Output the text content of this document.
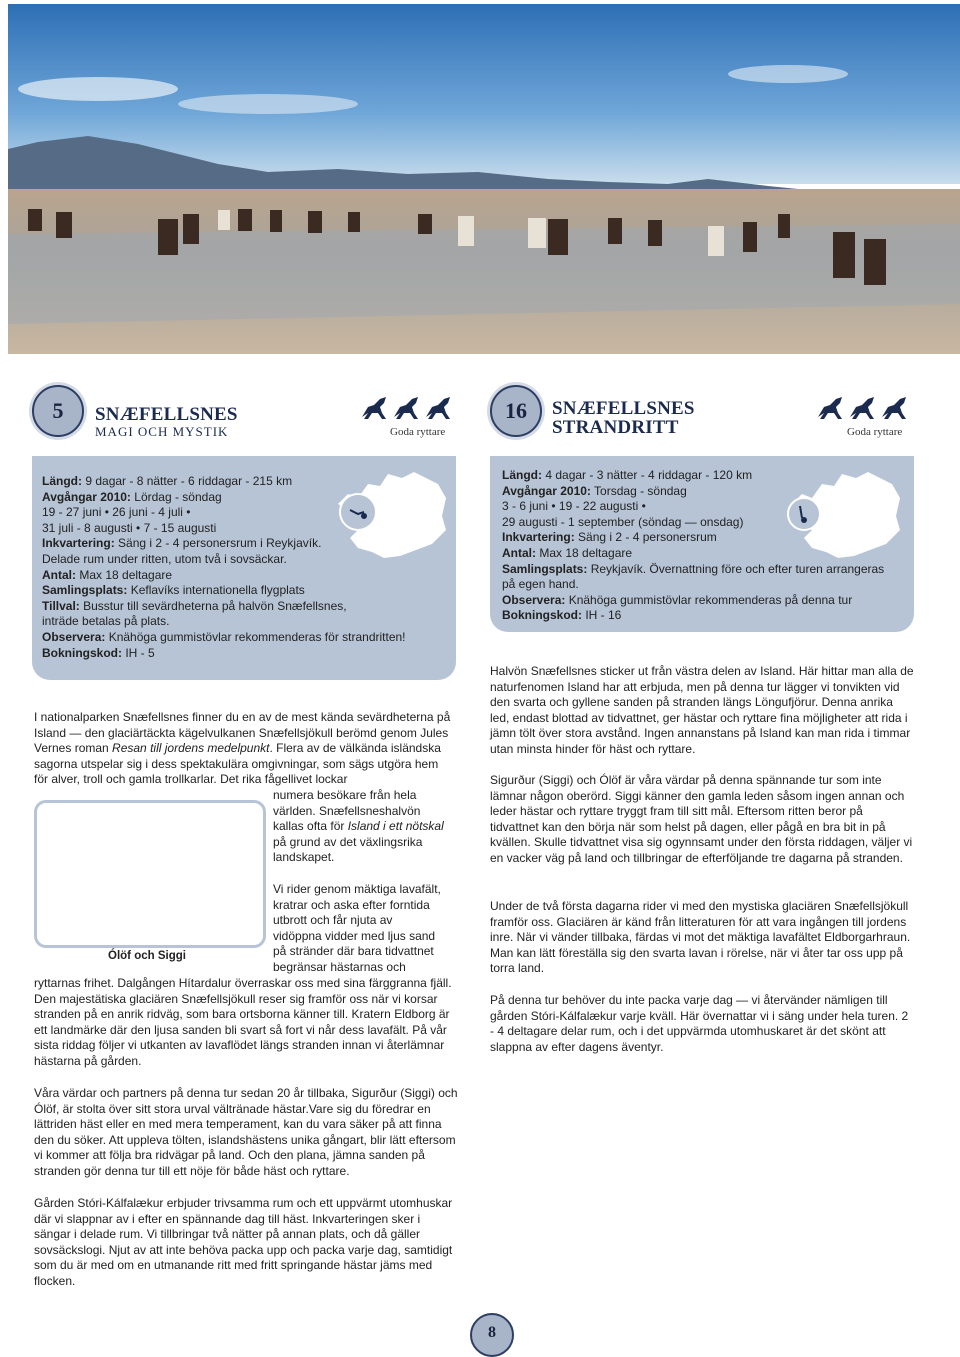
5 SNÆFELLSNES
MAGI OCH MYSTIK	Goda ryttare
16 SNÆFELLSNES
STRANDRITT	Goda ryttare
Längd: 9 dagar - 8 nätter - 6 riddagar - 215 km
Avgångar 2010: Lördag - söndag
19 - 27 juni • 26 juni - 4 juli •
31 juli - 8 augusti • 7 - 15 augusti
Inkvartering: Säng i 2 - 4 personersrum i Reykjavík.
Delade rum under ritten, utom två i sovsäckar.
Antal: Max 18 deltagare
Samlingsplats: Keflavíks internationella flygplats
Tillval: Busstur till sevärdheterna på halvön Snæfellsnes,
inträde betalas på plats.
Observera: Knähöga gummistövlar rekommenderas för strandritten!
Bokningskod: IH - 5
Längd: 4 dagar - 3 nätter - 4 riddagar - 120 km
Avgångar 2010: Torsdag - söndag
3 - 6 juni • 19 - 22 augusti •
29 augusti - 1 september (söndag — onsdag)
Inkvartering: Säng i 2 - 4 personersrum
Antal: Max 18 deltagare
Samlingsplats: Reykjavík. Övernattning före och efter turen arrangeras
på egen hand.
Observera: Knähöga gummistövlar rekommenderas på denna tur
Bokningskod: IH - 16

I nationalparken Snæfellsnes finner du en av de mest kända sevärdheterna på Island — den glaciärtäckta kägelvulkanen Snæfellsjökull berömd genom Jules Vernes roman Resan till jordens medelpunkt. Flera av de välkända isländska sagorna utspelar sig i dess spektakulära omgivningar, som sägs utgöra hem för alver, troll och gamla trollkarlar. Det rika fågellivet lockar

Ólöf och Siggi
numera besökare från hela
världen. Snæfellsneshalvön
kallas ofta för Island i ett nötskal
på grund av det växlingsrika
landskapet.
Vi rider genom mäktiga lavafält,
kratrar och aska efter forntida
utbrott och får njuta av
vidöppna vidder med ljus sand
på stränder där bara tidvattnet
begränsar hästarnas och

ryttarnas frihet. Dalgången Hítardalur överraskar oss med sina färggranna fjäll. Den majestätiska glaciären Snæfellsjökull reser sig framför oss när vi korsar stranden på en anrik ridväg, som bara ortsborna känner till. Kratern Eldborg är ett landmärke där den ljusa sanden bli svart så fort vi når dess lavafält. På vår sista riddag följer vi utkanten av lavaflödet längs stranden innan vi återlämnar hästarna på gården.

Våra värdar och partners på denna tur sedan 20 år tillbaka, Sigurður (Siggi) och Ólöf, är stolta över sitt stora urval vältränade hästar.Vare sig du föredrar en lättriden häst eller en med mera temperament, kan du vara säker på att finna den du söker. Att uppleva tölten, islandshästens unika gångart, blir lätt eftersom vi kommer att följa bra ridvägar på land. Och den plana, jämna sanden på stranden gör denna tur till ett nöje för både häst och ryttare.

Gården Stóri-Kálfalækur erbjuder trivsamma rum och ett uppvärmt utomhuskar där vi slappnar av i efter en spännande dag till häst. Inkvarteringen sker i sängar i delade rum. Vi tillbringar två nätter på annan plats, och då gäller sovsäckslogi. Njut av att inte behöva packa upp och packa varje dag, samtidigt som du är med om en utmanande ritt med fritt springande hästar jäms med flocken.

Halvön Snæfellsnes sticker ut från västra delen av Island. Här hittar man alla de naturfenomen Island har att erbjuda, men på denna tur lägger vi tonvikten vid den svarta och gyllene sanden på stranden längs Löngufjörur. Denna anrika led, endast blottad av tidvattnet, ger hästar och ryttare fina möjligheter att rida i jämn tölt över stora avstånd. Ingen annanstans på Island kan man rida i timmar utan minsta hinder för häst och ryttare.

Sigurður (Siggi) och Ólöf är våra värdar på denna spännande tur som inte lämnar någon oberörd. Siggi känner den gamla leden såsom ingen annan och leder hästar och ryttare tryggt fram till sitt mål. Eftersom ritten beror på tidvattnet kan den börja när som helst på dagen, eller pågå en bra bit in på kvällen. Skulle tidvattnet visa sig ogynnsamt under den första riddagen, väljer vi en vacker väg på land och tillbringar de efterföljande tre dagarna på stranden.

Under de två första dagarna rider vi med den mystiska glaciären Snæfellsjökull framför oss. Glaciären är känd från litteraturen för att vara ingången till jordens inre. När vi vänder tillbaka, färdas vi mot det mäktiga lavafältet Eldborgarhraun. Man kan lätt föreställa sig den svarta lavan i rörelse, när vi åter tar oss upp på torra land.

På denna tur behöver du inte packa varje dag — vi återvänder nämligen till gården Stóri-Kálfalækur varje kväll. Här övernattar vi i säng under hela turen. 2 - 4 deltagare delar rum, och i det uppvärmda utomhuskaret är det skönt att slappna av efter dagens äventyr.

8
